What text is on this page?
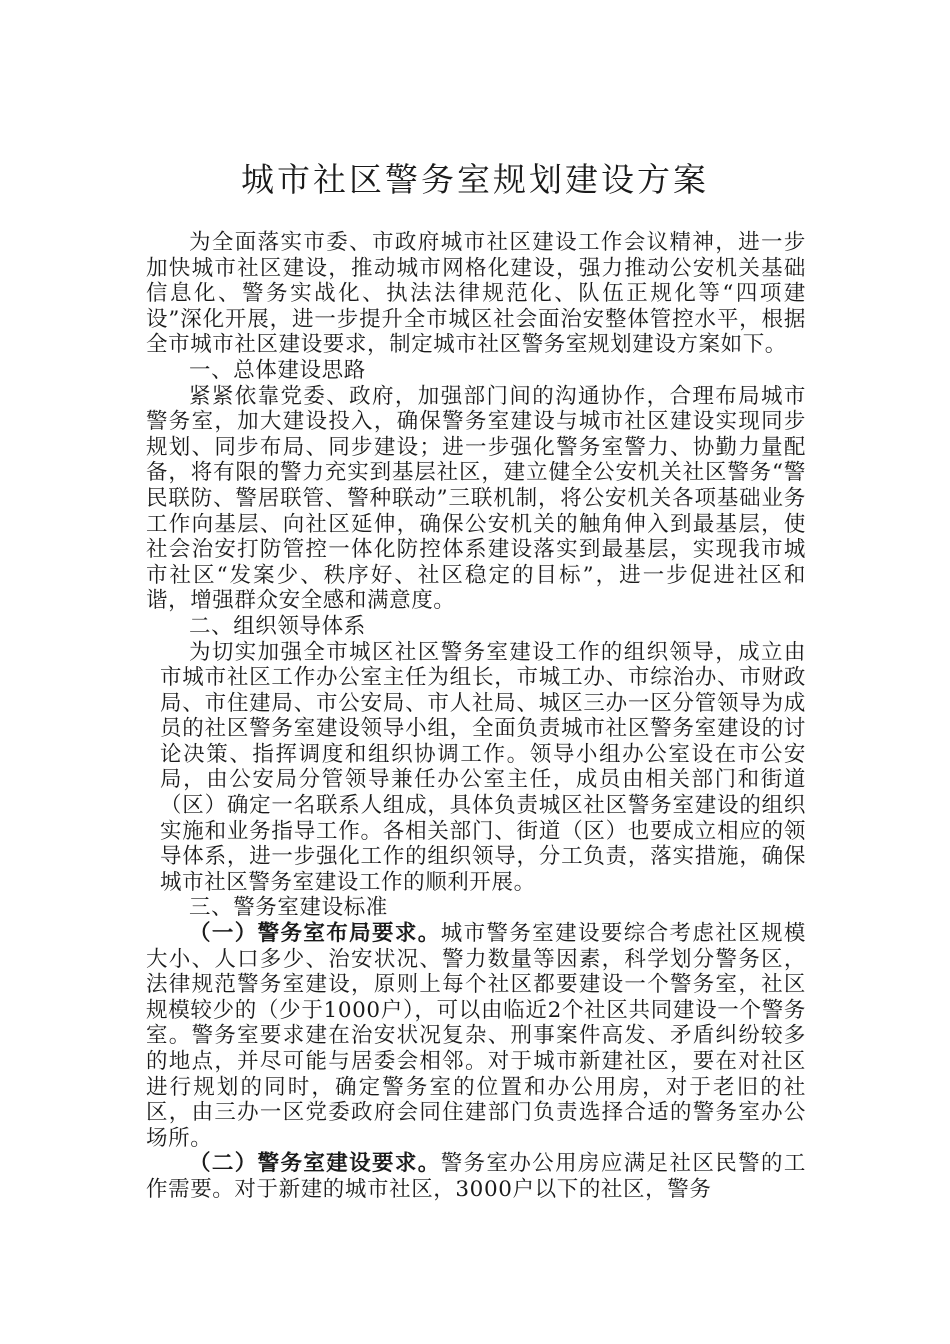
城市社区警务室规划建设方案

为全面落实市委、市政府城市社区建设工作会议精神，进一步加快城市社区建设，推动城市网格化建设，强力推动公安机关基础信息化、警务实战化、执法法律规范化、队伍正规化等“四项建设”深化开展，进一步提升全市城区社会面治安整体管控水平，根据全市城市社区建设要求，制定城市社区警务室规划建设方案如下。

一、总体建设思路

紧紧依靠党委、政府，加强部门间的沟通协作，合理布局城市警务室，加大建设投入，确保警务室建设与城市社区建设实现同步规划、同步布局、同步建设；进一步强化警务室警力、协勤力量配备，将有限的警力充实到基层社区，建立健全公安机关社区警务“警民联防、警居联管、警种联动”三联机制，将公安机关各项基础业务工作向基层、向社区延伸，确保公安机关的触角伸入到最基层，使社会治安打防管控一体化防控体系建设落实到最基层，实现我市城市社区“发案少、秩序好、社区稳定的目标”，进一步促进社区和谐，增强群众安全感和满意度。

二、组织领导体系

为切实加强全市城区社区警务室建设工作的组织领导，成立由市城市社区工作办公室主任为组长，市城工办、市综治办、市财政局、市住建局、市公安局、市人社局、城区三办一区分管领导为成员的社区警务室建设领导小组，全面负责城市社区警务室建设的讨论决策、指挥调度和组织协调工作。领导小组办公室设在市公安局，由公安局分管领导兼任办公室主任，成员由相关部门和街道（区）确定一名联系人组成，具体负责城区社区警务室建设的组织实施和业务指导工作。各相关部门、街道（区）也要成立相应的领导体系，进一步强化工作的组织领导，分工负责，落实措施，确保城市社区警务室建设工作的顺利开展。

三、警务室建设标准

（一）警务室布局要求。城市警务室建设要综合考虑社区规模大小、人口多少、治安状况、警力数量等因素，科学划分警务区，法律规范警务室建设，原则上每个社区都要建设一个警务室，社区规模较少的（少于1000户），可以由临近2个社区共同建设一个警务室。警务室要求建在治安状况复杂、刑事案件高发、矛盾纠纷较多的地点，并尽可能与居委会相邻。对于城市新建社区，要在对社区进行规划的同时，确定警务室的位置和办公用房，对于老旧的社区，由三办一区党委政府会同住建部门负责选择合适的警务室办公场所。

（二）警务室建设要求。警务室办公用房应满足社区民警的工作需要。对于新建的城市社区，3000户以下的社区，警务
